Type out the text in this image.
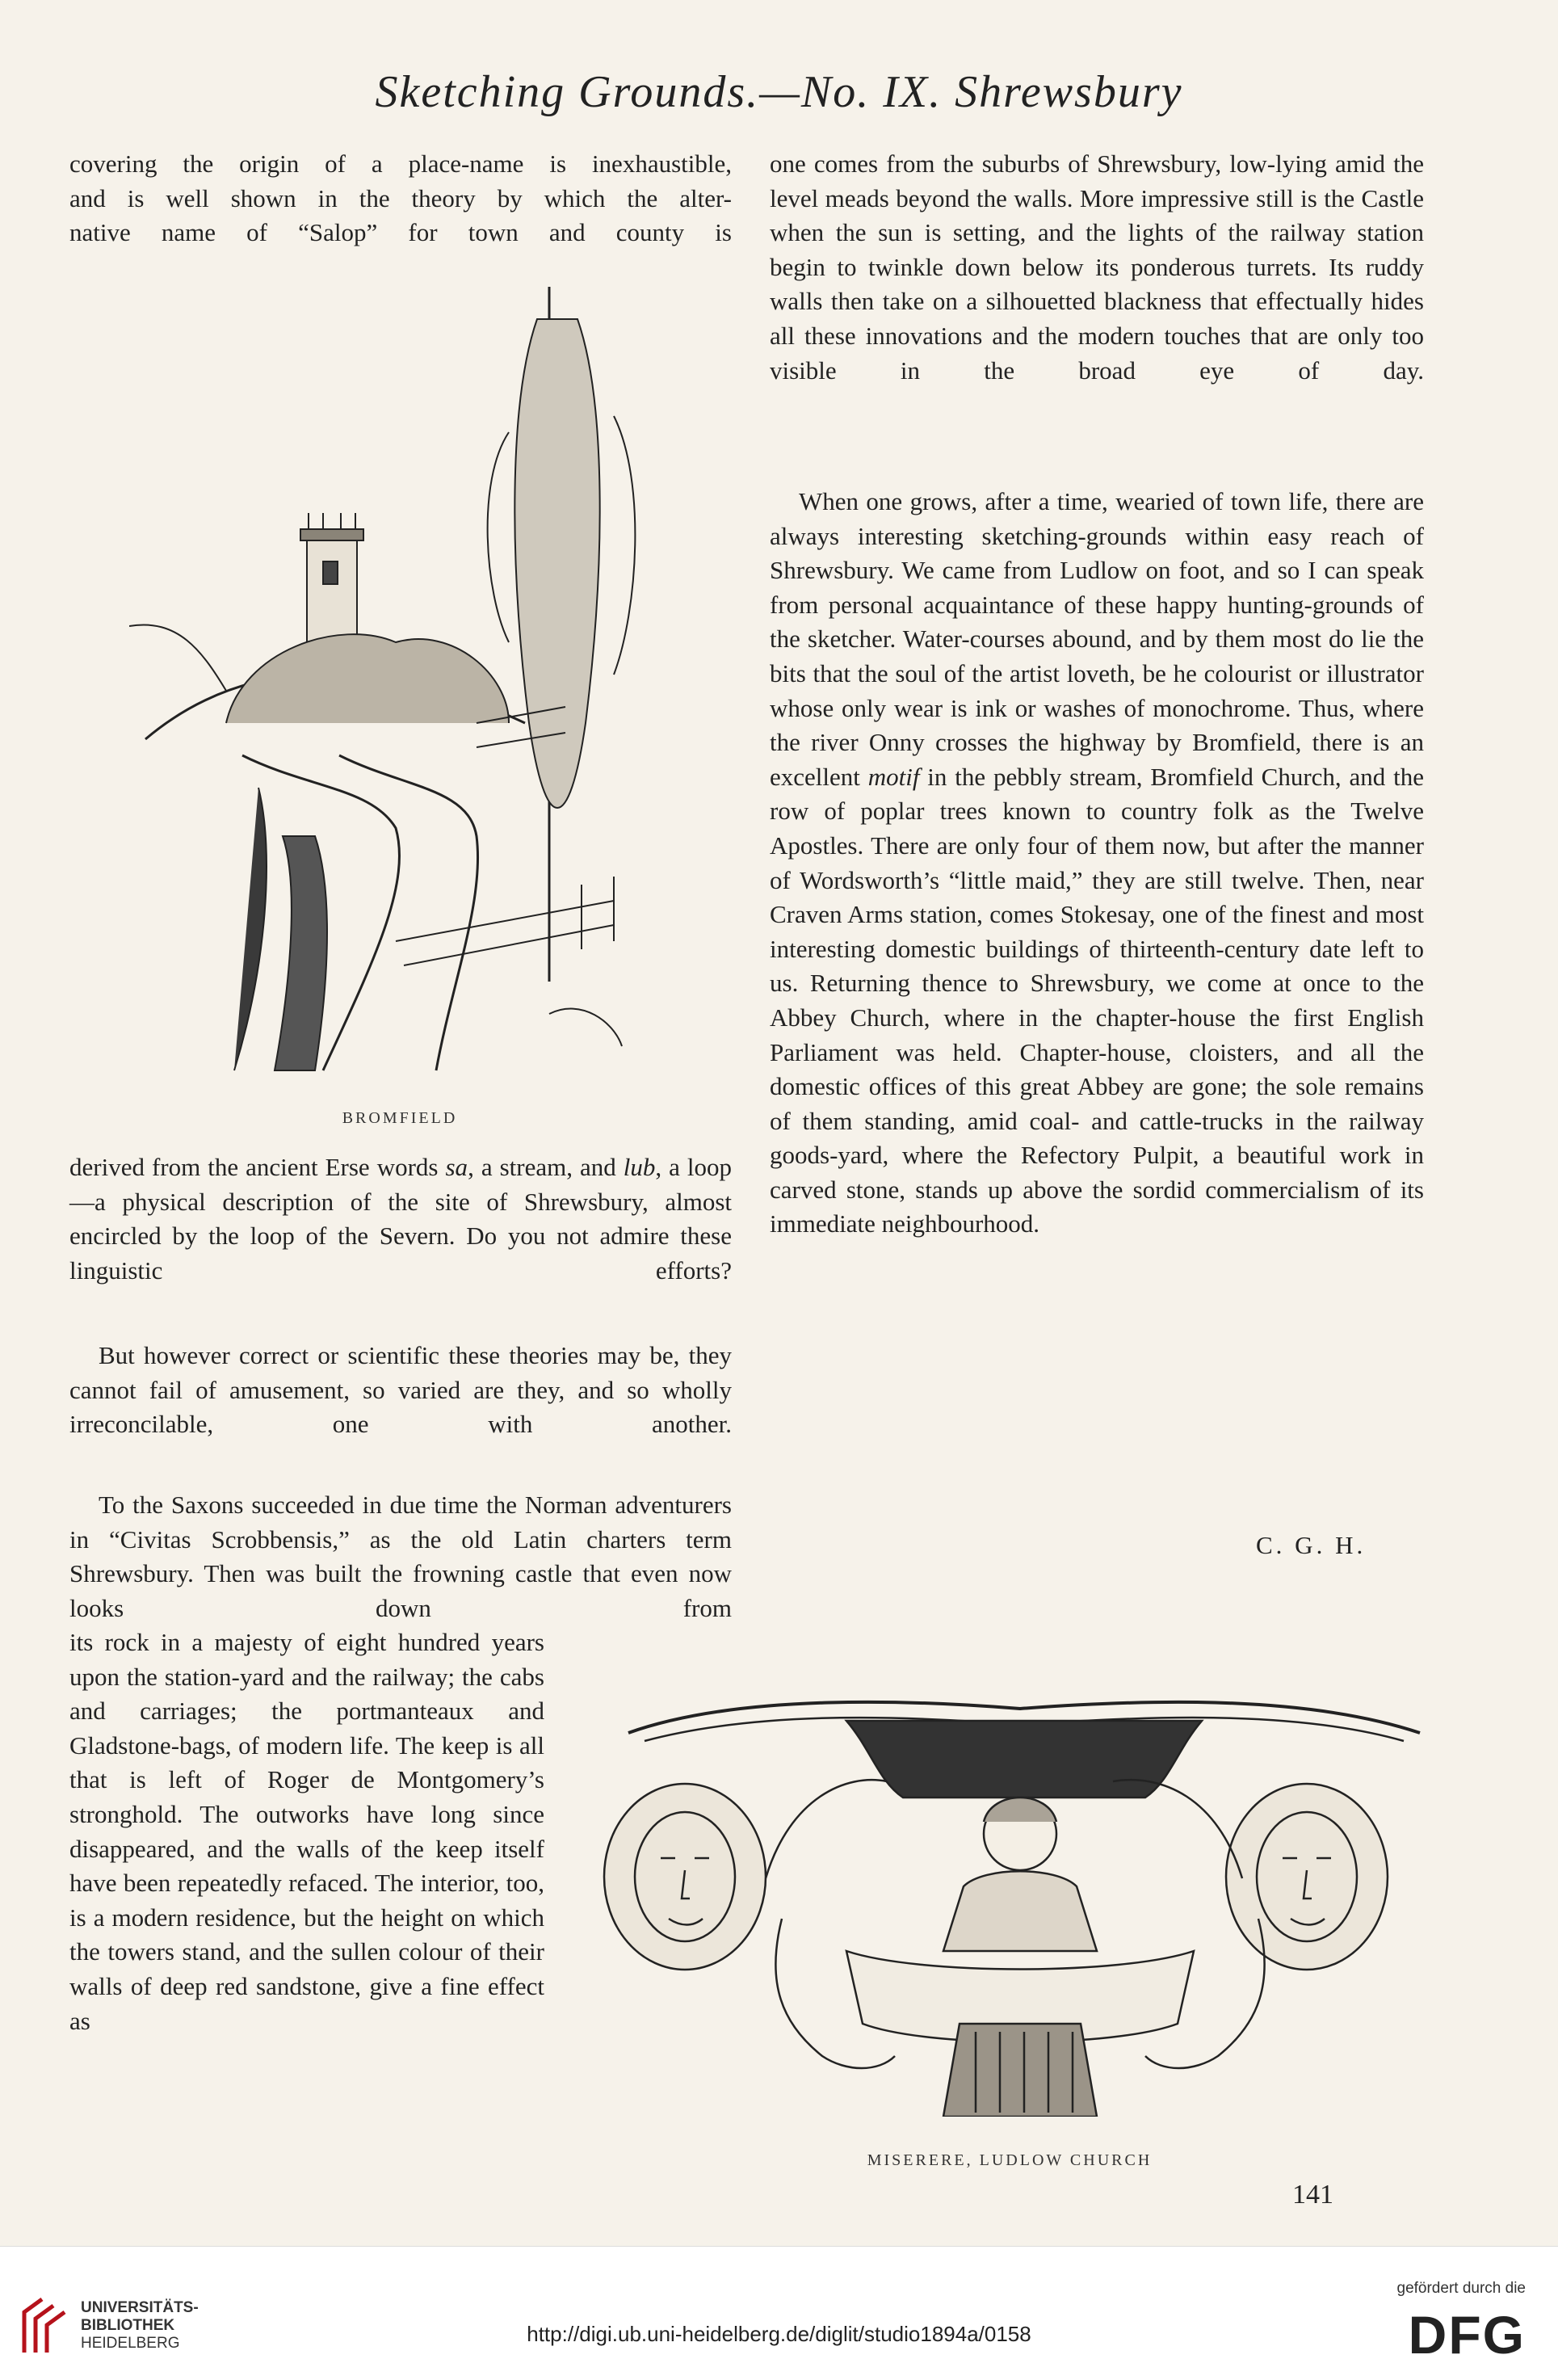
Sketching Grounds.—No. IX. Shrewsbury

covering the origin of a place-name is inexhaustible,
and is well shown in the theory by which the alter-
native name of “Salop” for town and county is

BROMFIELD

derived from the ancient Erse words sa, a stream, and lub, a loop—a physical description of the site of Shrewsbury, almost encircled by the loop of the Severn. Do you not admire these linguistic efforts?

But however correct or scientific these theories may be, they cannot fail of amusement, so varied are they, and so wholly irreconcilable, one with another.

To the Saxons succeeded in due time the Norman adventurers in “Civitas Scrobbensis,” as the old Latin charters term Shrewsbury. Then was built the frowning castle that even now looks down from

its rock in a majesty of eight hundred years upon the station-yard and the railway; the cabs and carriages; the portmanteaux and Gladstone-bags, of modern life. The keep is all that is left of Roger de Montgomery’s stronghold. The outworks have long since disappeared, and the walls of the keep itself have been repeatedly refaced. The interior, too, is a modern residence, but the height on which the towers stand, and the sullen colour of their walls of deep red sandstone, give a fine effect as

one comes from the suburbs of Shrewsbury, low-lying amid the level meads beyond the walls. More impressive still is the Castle when the sun is setting, and the lights of the railway station begin to twinkle down below its ponderous turrets. Its ruddy walls then take on a silhouetted blackness that effectually hides all these innovations and the modern touches that are only too visible in the broad eye of day.

When one grows, after a time, wearied of town life, there are always interesting sketching-grounds within easy reach of Shrewsbury. We came from Ludlow on foot, and so I can speak from personal acquaintance of these happy hunting-grounds of the sketcher. Water-courses abound, and by them most do lie the bits that the soul of the artist loveth, be he colourist or illustrator whose only wear is ink or washes of monochrome. Thus, where the river Onny crosses the highway by Bromfield, there is an excellent motif in the pebbly stream, Bromfield Church, and the row of poplar trees known to country folk as the Twelve Apostles. There are only four of them now, but after the manner of Wordsworth’s “little maid,” they are still twelve. Then, near Craven Arms station, comes Stokesay, one of the finest and most interesting domestic buildings of thirteenth-century date left to us. Returning thence to Shrewsbury, we come at once to the Abbey Church, where in the chapter-house the first English Parliament was held. Chapter-house, cloisters, and all the domestic offices of this great Abbey are gone; the sole remains of them standing, amid coal- and cattle-trucks in the railway goods-yard, where the Refectory Pulpit, a beautiful work in carved stone, stands up above the sordid commercialism of its immediate neighbourhood.

C. G. H.
MISERERE, LUDLOW CHURCH
141
UNIVERSITÄTS-
BIBLIOTHEK
HEIDELBERG	http://digi.ub.uni-heidelberg.de/diglit/studio1894a/0158
gefördert durch die
DFG
